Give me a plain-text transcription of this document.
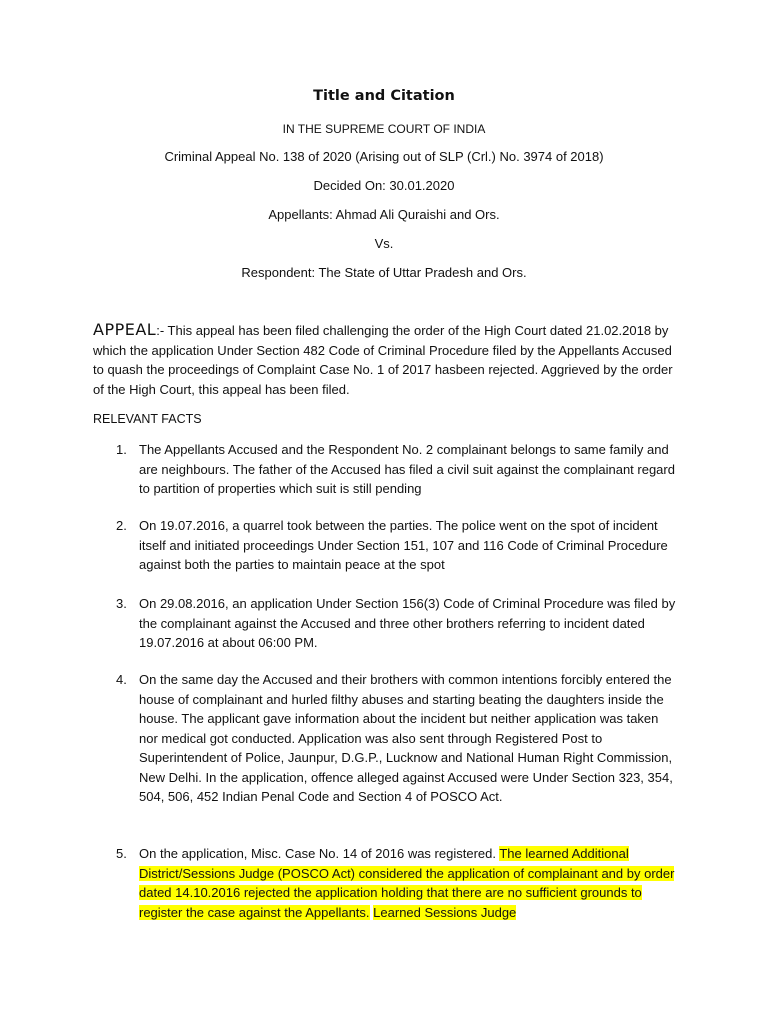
Title and Citation
IN THE SUPREME COURT OF INDIA
Criminal Appeal No. 138 of 2020 (Arising out of SLP (Crl.) No. 3974 of 2018)
Decided On: 30.01.2020
Appellants: Ahmad Ali Quraishi and Ors.
Vs.
Respondent: The State of Uttar Pradesh and Ors.
APPEAL:- This appeal has been filed challenging the order of the High Court dated 21.02.2018 by which the application Under Section 482 Code of Criminal Procedure filed by the Appellants Accused to quash the proceedings of Complaint Case No. 1 of 2017 hasbeen rejected. Aggrieved by the order of the High Court, this appeal has been filed.
RELEVANT FACTS
1. The Appellants Accused and the Respondent No. 2 complainant belongs to same family and are neighbours. The father of the Accused has filed a civil suit against the complainant regard to partition of properties which suit is still pending
2. On 19.07.2016, a quarrel took between the parties. The police went on the spot of incident itself and initiated proceedings Under Section 151, 107 and 116 Code of Criminal Procedure against both the parties to maintain peace at the spot
3. On 29.08.2016, an application Under Section 156(3) Code of Criminal Procedure was filed by the complainant against the Accused and three other brothers referring to incident dated 19.07.2016 at about 06:00 PM.
4. On the same day the Accused and their brothers with common intentions forcibly entered the house of complainant and hurled filthy abuses and starting beating the daughters inside the house. The applicant gave information about the incident but neither application was taken nor medical got conducted. Application was also sent through Registered Post to Superintendent of Police, Jaunpur, D.G.P., Lucknow and National Human Right Commission, New Delhi. In the application, offence alleged against Accused were Under Section 323, 354, 504, 506, 452 Indian Penal Code and Section 4 of POSCO Act.
5. On the application, Misc. Case No. 14 of 2016 was registered. The learned Additional District/Sessions Judge (POSCO Act) considered the application of complainant and by order dated 14.10.2016 rejected the application holding that there are no sufficient grounds to register the case against the Appellants. Learned Sessions Judge
